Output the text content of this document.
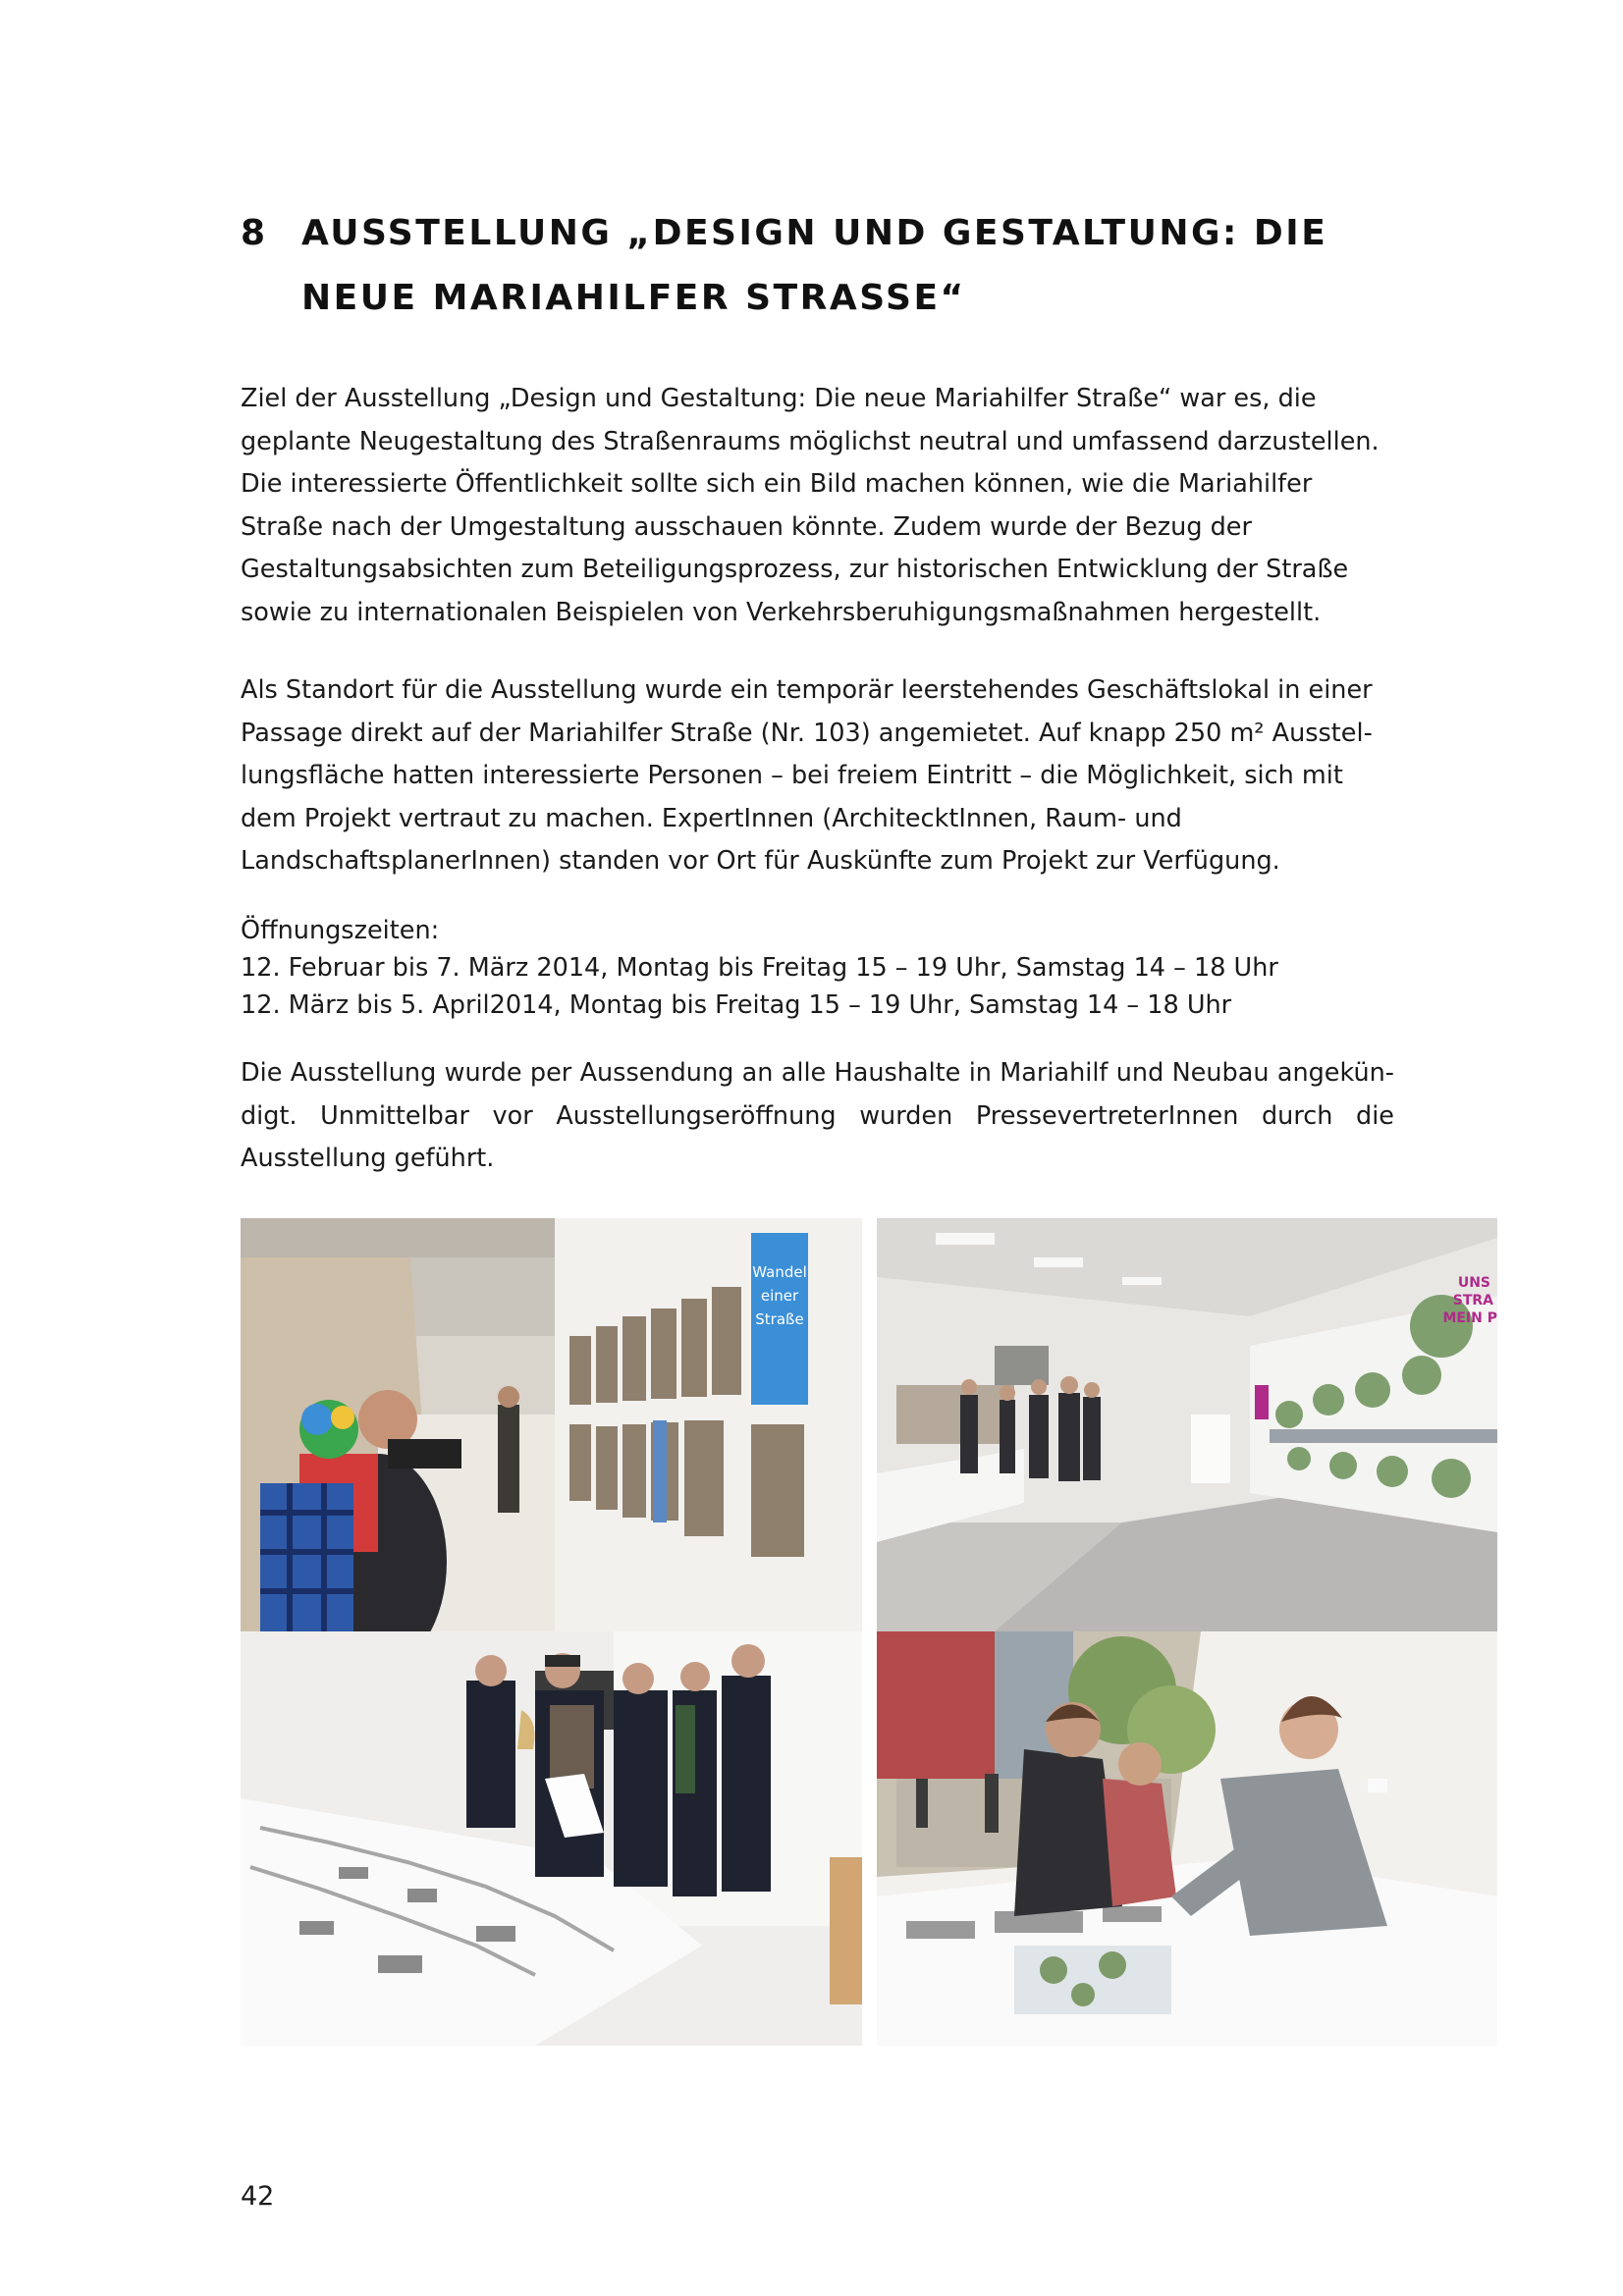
8 AUSSTELLUNG „DESIGN UND GESTALTUNG: DIE NEUE MARIAHILFER STRASSE“

Ziel der Ausstellung „Design und Gestaltung: Die neue Mariahilfer Straße“ war es, die geplante Neugestaltung des Straßenraums möglichst neutral und umfassend darzustellen. Die interessierte Öffentlichkeit sollte sich ein Bild machen können, wie die Mariahilfer Straße nach der Umgestaltung ausschauen könnte. Zudem wurde der Bezug der Gestaltungsabsichten zum Beteiligungsprozess, zur historischen Entwicklung der Straße sowie zu internationalen Beispielen von Verkehrsberuhigungsmaßnahmen hergestellt.

Als Standort für die Ausstellung wurde ein temporär leerstehendes Geschäftslokal in einer Passage direkt auf der Mariahilfer Straße (Nr. 103) angemietet. Auf knapp 250 m² Ausstellungsfläche hatten interessierte Personen – bei freiem Eintritt – die Möglichkeit, sich mit dem Projekt vertraut zu machen. ExpertInnen (ArchitecktInnen, Raum- und LandschaftsplanerInnen) standen vor Ort für Auskünfte zum Projekt zur Verfügung.

Öffnungszeiten:
12. Februar bis 7. März 2014, Montag bis Freitag 15 – 19 Uhr, Samstag 14 – 18 Uhr
12. März bis 5. April2014, Montag bis Freitag 15 – 19 Uhr, Samstag 14 – 18 Uhr

Die Ausstellung wurde per Aussendung an alle Haushalte in Mariahilf und Neubau angekündigt. Unmittelbar vor Ausstellungseröffnung wurden PressevertreterInnen durch die Ausstellung geführt.

Wandel
einer
Straße
UNS
STRA
MEIN P
42
